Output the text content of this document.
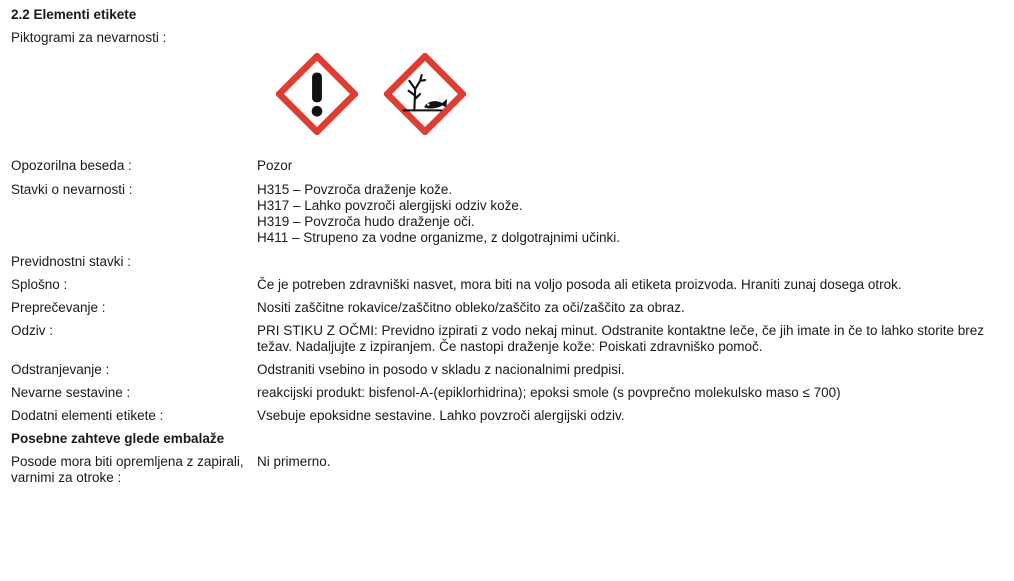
2.2 Elementi etikete
Piktogrami za nevarnosti :
Opozorilna beseda :	Pozor
Stavki o nevarnosti :	H315 – Povzroča draženje kože.
H317 – Lahko povzroči alergijski odziv kože.
H319 – Povzroča hudo draženje oči.
H411 – Strupeno za vodne organizme, z dolgotrajnimi učinki.
Previdnostni stavki :
Splošno :	Če je potreben zdravniški nasvet, mora biti na voljo posoda ali etiketa proizvoda. Hraniti zunaj dosega otrok.
Preprečevanje :	Nositi zaščitne rokavice/zaščitno obleko/zaščito za oči/zaščito za obraz.
Odziv :	PRI STIKU Z OČMI: Previdno izpirati z vodo nekaj minut. Odstranite kontaktne leče, če jih imate in če to lahko storite brez težav. Nadaljujte z izpiranjem. Če nastopi draženje kože: Poiskati zdravniško pomoč.
Odstranjevanje :	Odstraniti vsebino in posodo v skladu z nacionalnimi predpisi.
Nevarne sestavine :	reakcijski produkt: bisfenol-A-(epiklorhidrina); epoksi smole (s povprečno molekulsko maso ≤ 700)
Dodatni elementi etikete :	Vsebuje epoksidne sestavine. Lahko povzroči alergijski odziv.
Posebne zahteve glede embalaže
Posode mora biti opremljena z zapirali, varnimi za otroke :
Ni primerno.
